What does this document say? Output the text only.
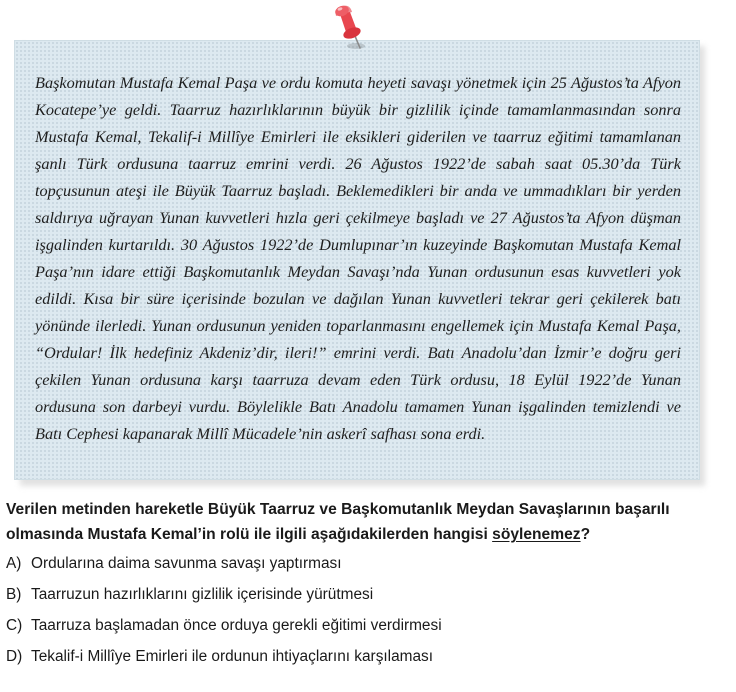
Başkomutan Mustafa Kemal Paşa ve ordu komuta heyeti savaşı yönetmek için 25 Ağustos’ta Afyon Kocatepe’ye geldi. Taarruz hazırlıklarının büyük bir gizlilik içinde tamamlanmasından sonra Mustafa Kemal, Tekalif-i Millîye Emirleri ile eksikleri giderilen ve taarruz eğitimi tamamlanan şanlı Türk ordusuna taarruz emrini verdi. 26 Ağustos 1922’de sabah saat 05.30’da Türk topçusunun ateşi ile Büyük Taarruz başladı. Beklemedikleri bir anda ve ummadıkları bir yerden saldırıya uğrayan Yunan kuvvetleri hızla geri çekilmeye başladı ve 27 Ağustos’ta Afyon düşman işgalinden kurtarıldı. 30 Ağustos 1922’de Dumlupınar’ın kuzeyinde Başkomutan Mustafa Kemal Paşa’nın idare ettiği Başkomutanlık Meydan Savaşı’nda Yunan ordusunun esas kuvvetleri yok edildi. Kısa bir süre içerisinde bozulan ve dağılan Yunan kuvvetleri tekrar geri çekilerek batı yönünde ilerledi. Yunan ordusunun yeniden toparlanmasını engellemek için Mustafa Kemal Paşa, “Ordular! İlk hedefiniz Akdeniz’dir, ileri!” emrini verdi. Batı Anadolu’dan İzmir’e doğru geri çekilen Yunan ordusuna karşı taarruza devam eden Türk ordusu, 18 Eylül 1922’de Yunan ordusuna son darbeyi vurdu. Böylelikle Batı Anadolu tamamen Yunan işgalinden temizlendi ve Batı Cephesi kapanarak Millî Mücadele’nin askerî safhası sona erdi.

Verilen metinden hareketle Büyük Taarruz ve Başkomutanlık Meydan Savaşlarının başarılı olmasında Mustafa Kemal’in rolü ile ilgili aşağıdakilerden hangisi söylenemez?

A) Ordularına daima savunma savaşı yaptırması
B) Taarruzun hazırlıklarını gizlilik içerisinde yürütmesi
C) Taarruza başlamadan önce orduya gerekli eğitimi verdirmesi
D) Tekalif-i Millîye Emirleri ile ordunun ihtiyaçlarını karşılaması
